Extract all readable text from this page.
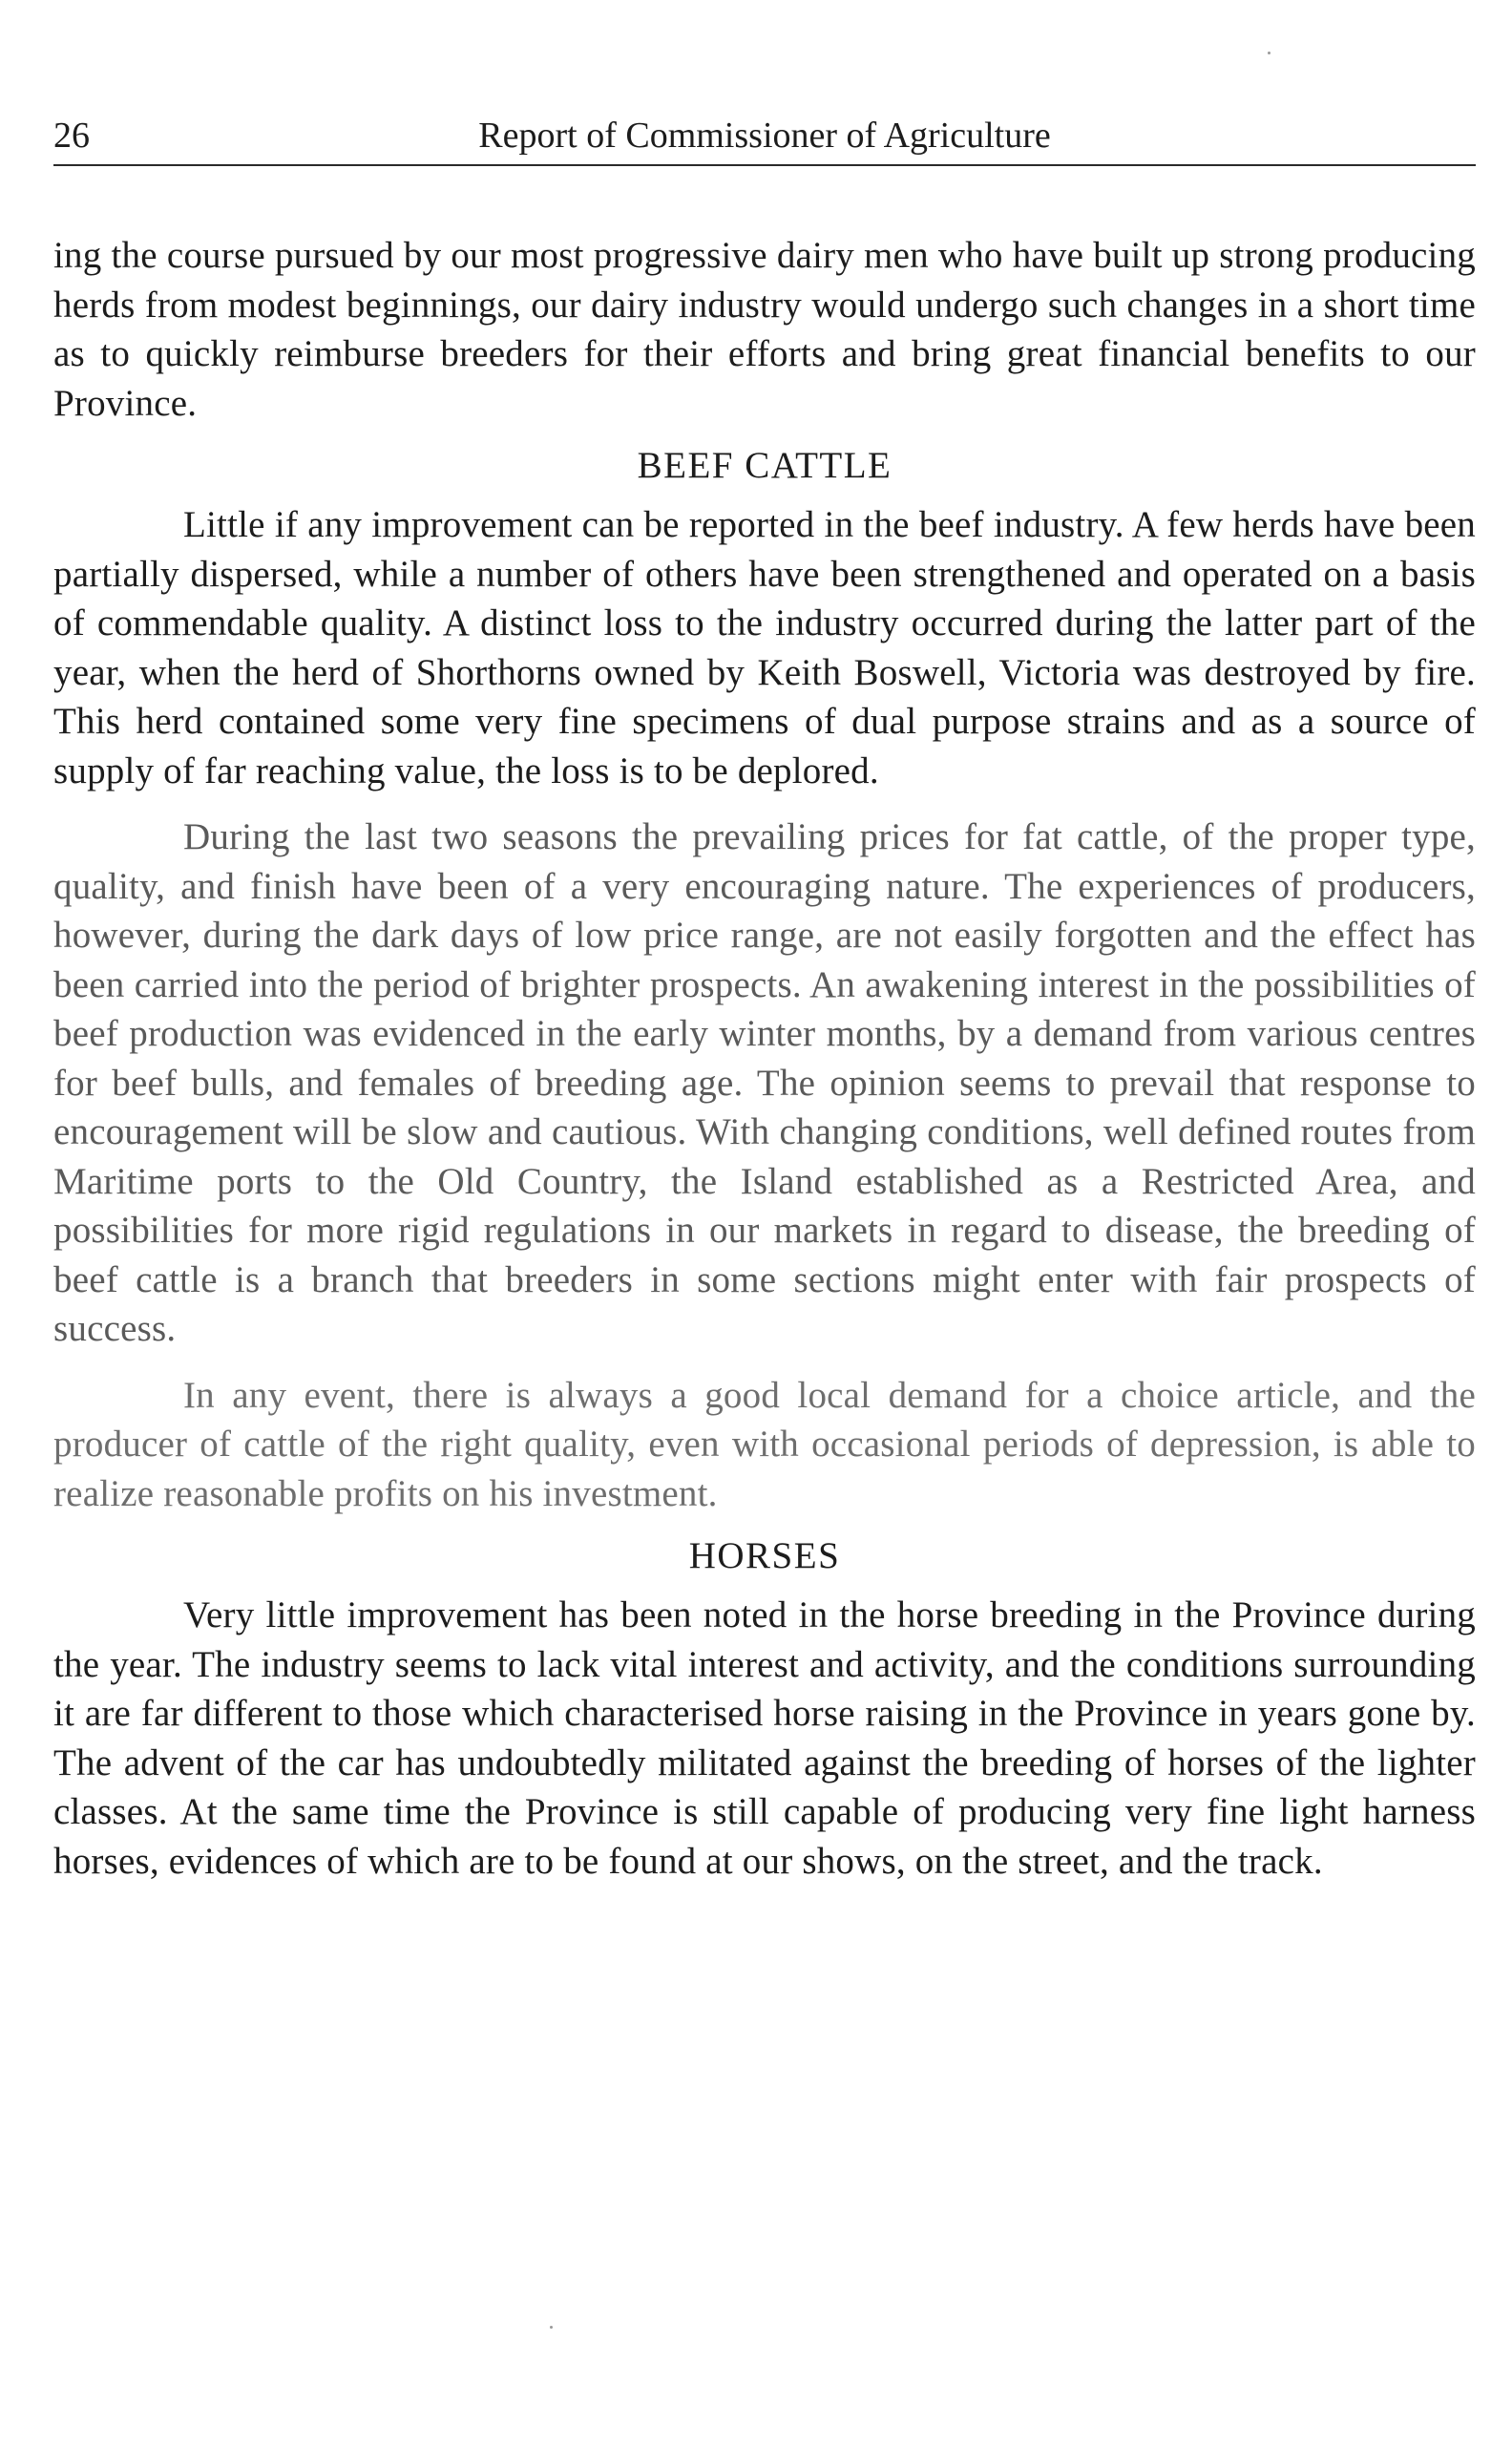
26	Report of Commissioner of Agriculture

ing the course pursued by our most progressive dairy men who have built up strong producing herds from modest beginnings, our dairy industry would undergo such changes in a short time as to quickly reimburse breeders for their efforts and bring great financial benefits to our Province.

BEEF CATTLE

Little if any improvement can be reported in the beef industry. A few herds have been partially dispersed, while a number of others have been strengthened and operated on a basis of commendable quality. A distinct loss to the industry occurred during the latter part of the year, when the herd of Shorthorns owned by Keith Boswell, Victoria was destroyed by fire. This herd contained some very fine specimens of dual purpose strains and as a source of supply of far reaching value, the loss is to be deplored.

During the last two seasons the prevailing prices for fat cattle, of the proper type, quality, and finish have been of a very encouraging nature. The experiences of producers, however, during the dark days of low price range, are not easily forgotten and the effect has been carried into the period of brighter prospects. An awakening interest in the possibilities of beef production was evidenced in the early winter months, by a demand from various centres for beef bulls, and females of breeding age. The opinion seems to prevail that response to encouragement will be slow and cautious. With changing conditions, well defined routes from Maritime ports to the Old Country, the Island established as a Restricted Area, and possibilities for more rigid regulations in our markets in regard to disease, the breeding of beef cattle is a branch that breeders in some sections might enter with fair prospects of success.

In any event, there is always a good local demand for a choice article, and the producer of cattle of the right quality, even with occasional periods of depression, is able to realize reasonable profits on his investment.

HORSES

Very little improvement has been noted in the horse breeding in the Province during the year. The industry seems to lack vital interest and activity, and the conditions surrounding it are far different to those which characterised horse raising in the Province in years gone by. The advent of the car has undoubtedly militated against the breeding of horses of the lighter classes. At the same time the Province is still capable of producing very fine light harness horses, evidences of which are to be found at our shows, on the street, and the track.
